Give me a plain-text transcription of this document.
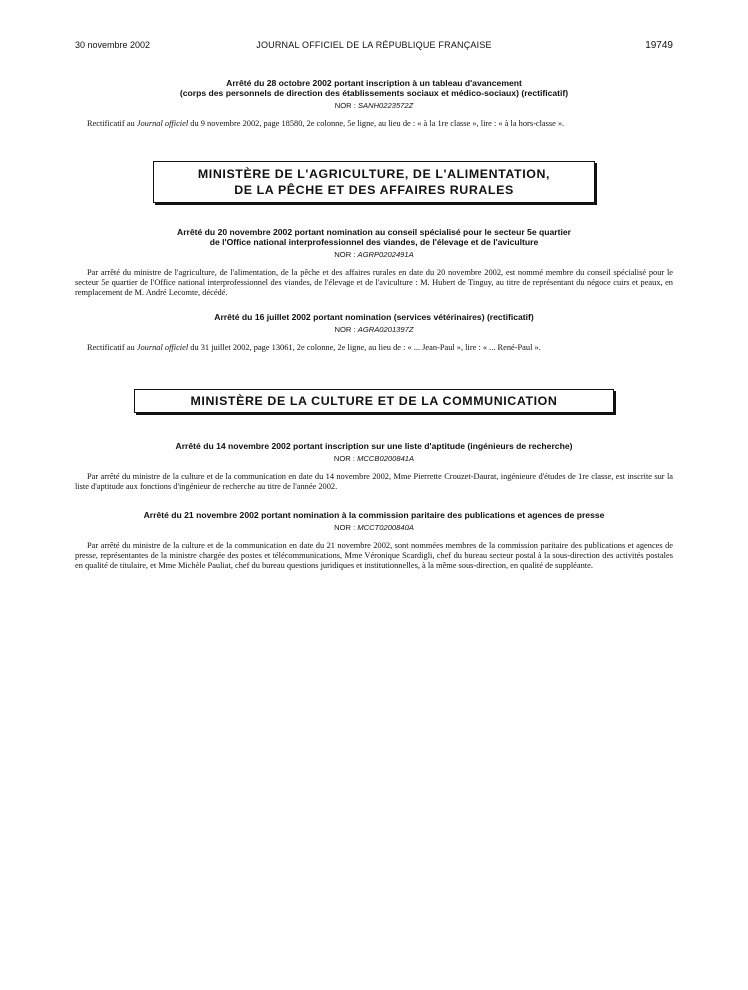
30 novembre 2002	JOURNAL OFFICIEL DE LA RÉPUBLIQUE FRANÇAISE	19749

Arrêté du 28 octobre 2002 portant inscription à un tableau d'avancement
(corps des personnels de direction des établissements sociaux et médico-sociaux) (rectificatif)

NOR : SANH0223572Z

Rectificatif au Journal officiel du 9 novembre 2002, page 18580, 2e colonne, 5e ligne, au lieu de : « à la 1re classe », lire : « à la hors-classe ».

MINISTÈRE DE L'AGRICULTURE, DE L'ALIMENTATION,
DE LA PÊCHE ET DES AFFAIRES RURALES

Arrêté du 20 novembre 2002 portant nomination au conseil spécialisé pour le secteur 5e quartier
de l'Office national interprofessionnel des viandes, de l'élevage et de l'aviculture

NOR : AGRP0202491A

Par arrêté du ministre de l'agriculture, de l'alimentation, de la pêche et des affaires rurales en date du 20 novembre 2002, est nommé membre du conseil spécialisé pour le secteur 5e quartier de l'Office national interprofessionnel des viandes, de l'élevage et de l'aviculture : M. Hubert de Tinguy, au titre de représentant du négoce cuirs et peaux, en remplacement de M. André Lecomte, décédé.

Arrêté du 16 juillet 2002 portant nomination (services vétérinaires) (rectificatif)

NOR : AGRA0201397Z

Rectificatif au Journal officiel du 31 juillet 2002, page 13061, 2e colonne, 2e ligne, au lieu de : « ... Jean-Paul », lire : « ... René-Paul ».

MINISTÈRE DE LA CULTURE ET DE LA COMMUNICATION

Arrêté du 14 novembre 2002 portant inscription sur une liste d'aptitude (ingénieurs de recherche)

NOR : MCCB0200841A

Par arrêté du ministre de la culture et de la communication en date du 14 novembre 2002, Mme Pierrette Crouzet-Daurat, ingénieure d'études de 1re classe, est inscrite sur la liste d'aptitude aux fonctions d'ingénieur de recherche au titre de l'année 2002.

Arrêté du 21 novembre 2002 portant nomination à la commission paritaire des publications et agences de presse

NOR : MCCT0200840A

Par arrêté du ministre de la culture et de la communication en date du 21 novembre 2002, sont nommées membres de la commission paritaire des publications et agences de presse, représentantes de la ministre chargée des postes et télécommunications, Mme Véronique Scardigli, chef du bureau secteur postal à la sous-direction des activités postales en qualité de titulaire, et Mme Michèle Pauliat, chef du bureau questions juridiques et institutionnelles, à la même sous-direction, en qualité de suppléante.
